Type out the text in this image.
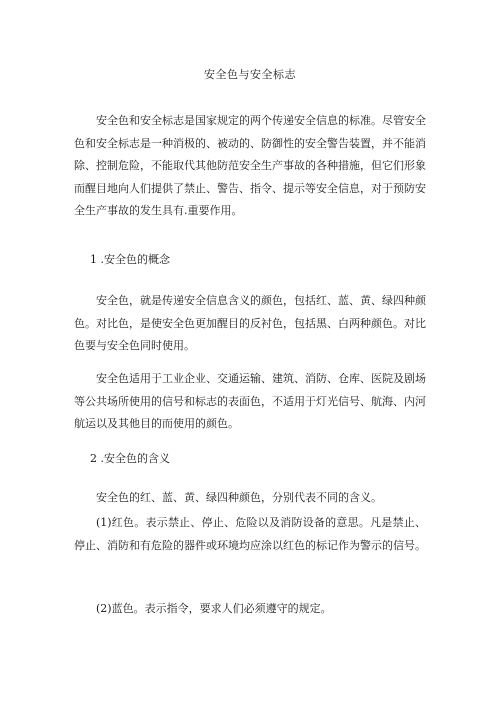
安全色与安全标志

安全色和安全标志是国家规定的两个传递安全信息的标准。尽管安全色和安全标志是一种消极的、被动的、防御性的安全警告装置，并不能消除、控制危险，不能取代其他防范安全生产事故的各种措施，但它们形象而醒目地向人们提供了禁止、警告、指令、提示等安全信息，对于预防安全生产事故的发生具有.重要作用。

1 .安全色的概念

安全色，就是传递安全信息含义的颜色，包括红、蓝、黄、绿四种颜色。对比色，是使安全色更加醒目的反衬色，包括黑、白两种颜色。对比色要与安全色同时使用。

安全色适用于工业企业、交通运输、建筑、消防、仓库、医院及剧场等公共场所使用的信号和标志的表面色，不适用于灯光信号、航海、内河航运以及其他目的而使用的颜色。

2 .安全色的含义

安全色的红、蓝、黄、绿四种颜色，分别代表不同的含义。

(1)红色。表示禁止、停止、危险以及消防设备的意思。凡是禁止、停止、消防和有危险的器件或环境均应涂以红色的标记作为警示的信号。

(2)蓝色。表示指令，要求人们必须遵守的规定。
